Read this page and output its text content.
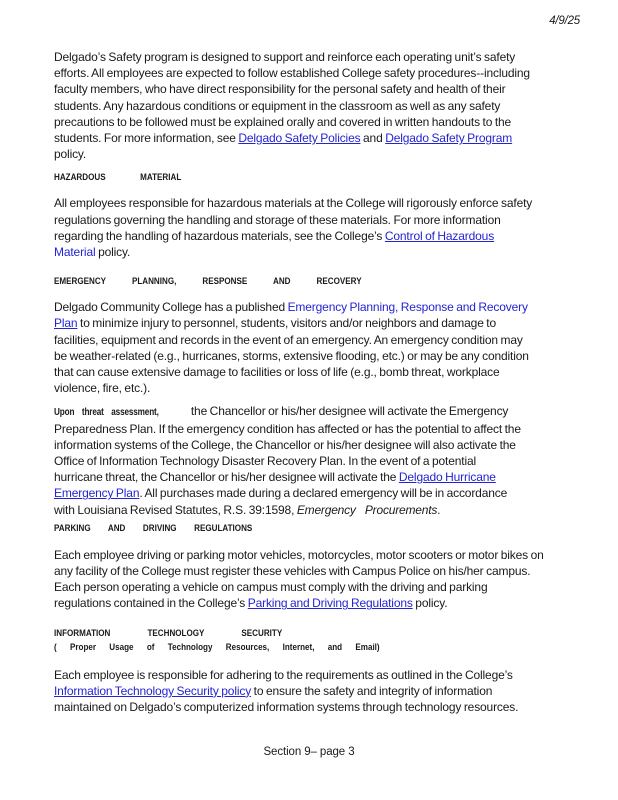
4/9/25
Delgado’s Safety program is designed to support and reinforce each operating unit’s safety
efforts. All employees are expected to follow established College safety procedures--including
faculty members, who have direct responsibility for the personal safety and health of their
students. Any hazardous conditions or equipment in the classroom as well as any safety
precautions to be followed must be explained orally and covered in written handouts to the
students. For more information, see Delgado Safety Policies and Delgado Safety Program
policy.
HAZARDOUS MATERIAL
All employees responsible for hazardous materials at the College will rigorously enforce safety
regulations governing the handling and storage of these materials. For more information
regarding the handling of hazardous materials, see the College’s Control of Hazardous
Material policy.
EMERGENCY PLANNING, RESPONSE AND RECOVERY
Delgado Community College has a published Emergency Planning, Response and Recovery
Plan to minimize injury to personnel, students, visitors and/or neighbors and damage to
facilities, equipment and records in the event of an emergency. An emergency condition may
be weather-related (e.g., hurricanes, storms, extensive flooding, etc.) or may be any condition
that can cause extensive damage to facilities or loss of life (e.g., bomb threat, workplace
violence, fire, etc.).
Upon threat assessment, the Chancellor or his/her designee will activate the Emergency
Preparedness Plan. If the emergency condition has affected or has the potential to affect the
information systems of the College, the Chancellor or his/her designee will also activate the
Office of Information Technology Disaster Recovery Plan. In the event of a potential
hurricane threat, the Chancellor or his/her designee will activate the Delgado Hurricane
Emergency Plan. All purchases made during a declared emergency will be in accordance
with Louisiana Revised Statutes, R.S. 39:1598, Emergency Procurements.
PARKING AND DRIVING REGULATIONS
Each employee driving or parking motor vehicles, motorcycles, motor scooters or motor bikes on
any facility of the College must register these vehicles with Campus Police on his/her campus.
Each person operating a vehicle on campus must comply with the driving and parking
regulations contained in the College’s Parking and Driving Regulations policy.
INFORMATION TECHNOLOGY SECURITY
( Proper Usage of Technology Resources, Internet, and Email)
Each employee is responsible for adhering to the requirements as outlined in the College’s
Information Technology Security policy to ensure the safety and integrity of information
maintained on Delgado’s computerized information systems through technology resources.
Section 9– page 3
